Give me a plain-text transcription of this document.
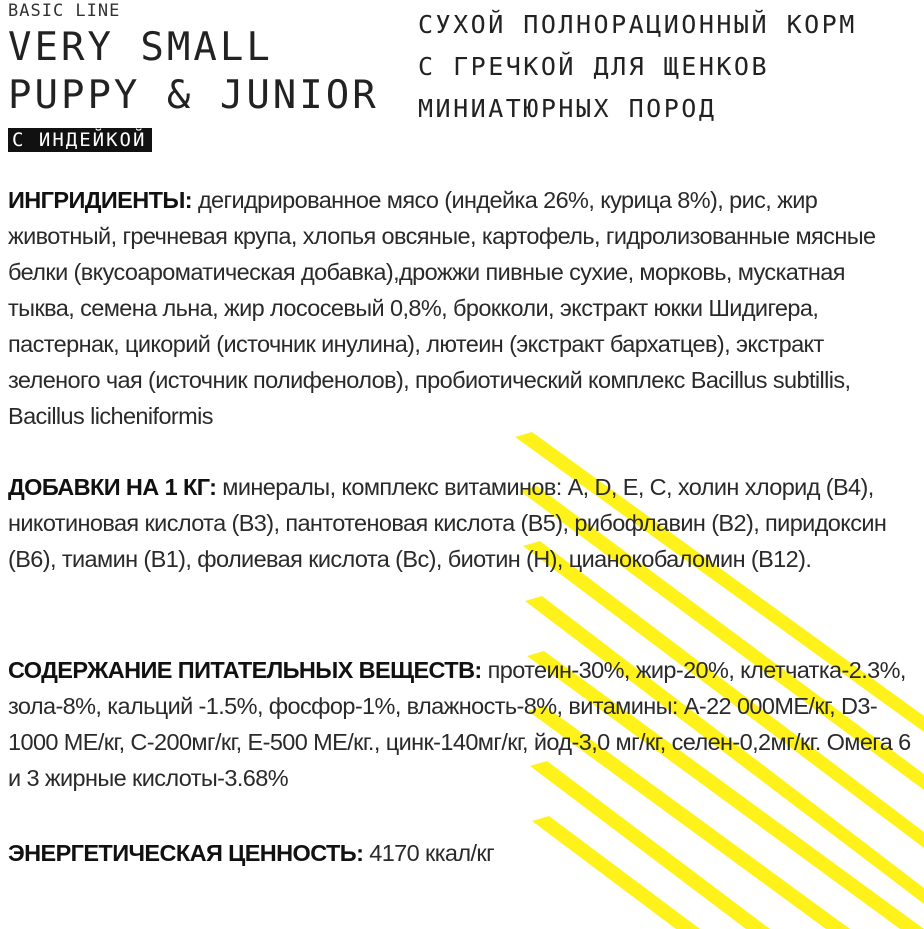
BASIC LINE
VERY SMALL
PUPPY & JUNIOR
С ИНДЕЙКОЙ
СУХОЙ ПОЛНОРАЦИОННЫЙ КОРМ
С ГРЕЧКОЙ ДЛЯ ЩЕНКОВ
МИНИАТЮРНЫХ ПОРОД
ИНГРИДИЕНТЫ: дегидрированное мясо (индейка 26%, курица 8%), рис, жир животный, гречневая крупа, хлопья овсяные, картофель, гидролизованные мясные белки (вкусоароматическая добавка),дрожжи пивные сухие, морковь, мускатная тыква, семена льна, жир лососевый 0,8%, брокколи, экстракт юкки Шидигера, пастернак, цикорий (источник инулина), лютеин (экстракт бархатцев), экстракт зеленого чая (источник полифенолов), пробиотический комплекс Bacillus subtillis, Bacillus licheniformis
ДОБАВКИ НА 1 КГ: минералы, комплекс витаминов: A, D, E, C, холин хлорид (B4), никотиновая кислота (B3), пантотеновая кислота (B5), рибофлавин (B2), пиридоксин (B6), тиамин (B1), фолиевая кислота (Bc), биотин (H), цианокобаломин (B12).
СОДЕРЖАНИЕ ПИТАТЕЛЬНЫХ ВЕЩЕСТВ: протеин-30%, жир-20%, клетчатка-2.3%, зола-8%, кальций -1.5%, фосфор-1%, влажность-8%, витамины: A-22 000МЕ/кг, D3-1000 МЕ/кг, С-200мг/кг, Е-500 МЕ/кг., цинк-140мг/кг, йод-3,0 мг/кг, селен-0,2мг/кг. Омега 6 и 3 жирные кислоты-3.68%
ЭНЕРГЕТИЧЕСКАЯ ЦЕННОСТЬ: 4170 ккал/кг
